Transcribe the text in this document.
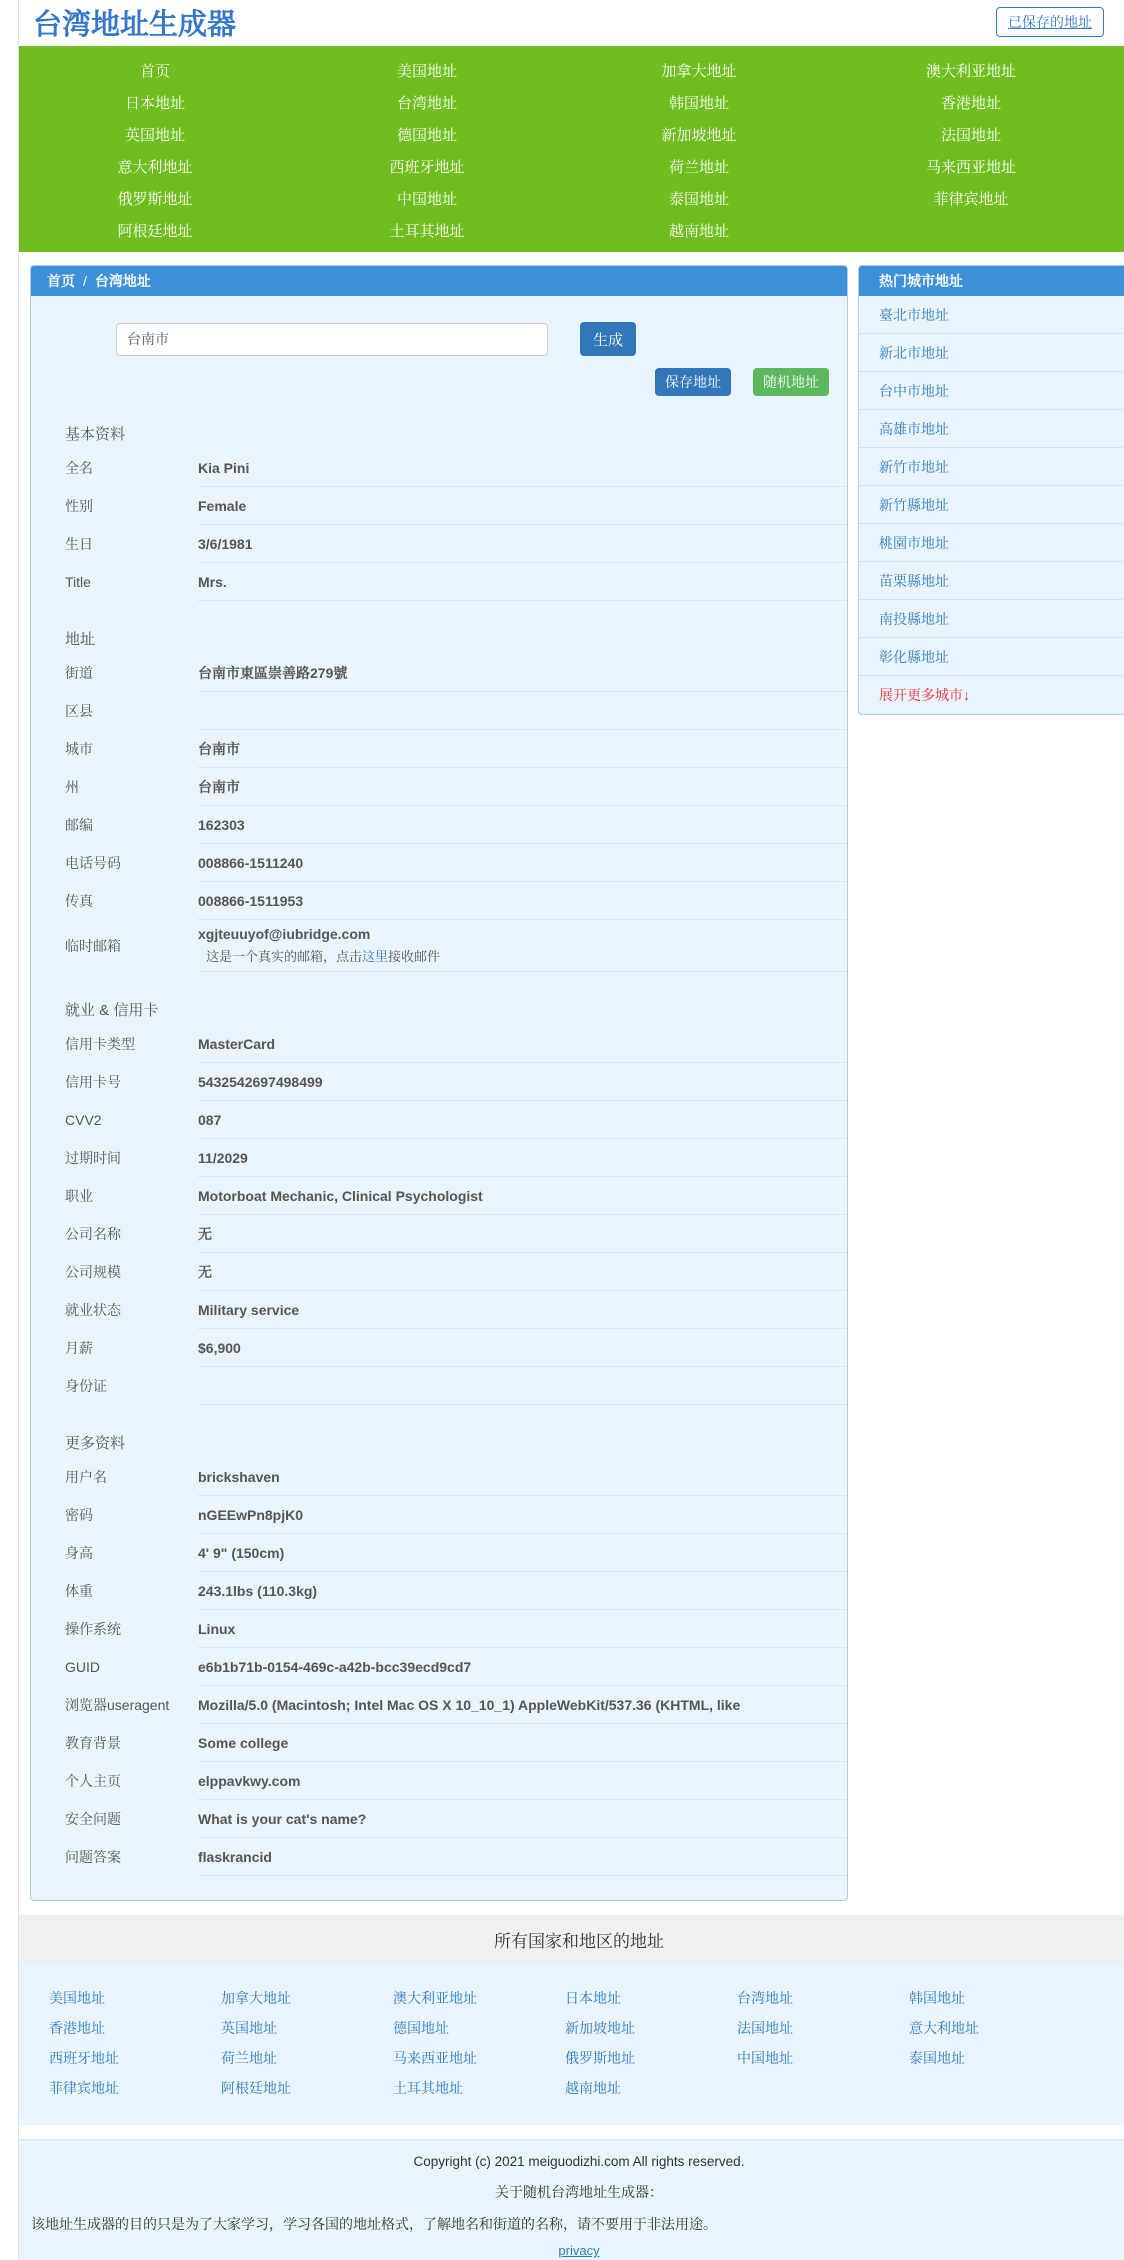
台湾地址生成器	已保存的地址
首页	美国地址	加拿大地址	澳大利亚地址
日本地址	台湾地址	韩国地址	香港地址
英国地址	德国地址	新加坡地址	法国地址
意大利地址	西班牙地址	荷兰地址	马来西亚地址
俄罗斯地址	中国地址	泰国地址	菲律宾地址
阿根廷地址	土耳其地址	越南地址
首页 / 台湾地址
台南市
生成
保存地址	随机地址
基本资料
全名	Kia Pini
性别	Female
生日	3/6/1981
Title	Mrs.
地址
街道	台南市東區崇善路279號
区县
城市	台南市
州	台南市
邮编	162303
电话号码	008866-1511240
传真	008866-1511953
临时邮箱
xgjteuuyof@iubridge.com
这是一个真实的邮箱，点击这里接收邮件
就业 & 信用卡
信用卡类型	MasterCard
信用卡号	5432542697498499
CVV2	087
过期时间	11/2029
职业	Motorboat Mechanic, Clinical Psychologist
公司名称	无
公司规模	无
就业状态	Military service
月薪	$6,900
身份证
更多资料
用户名	brickshaven
密码	nGEEwPn8pjK0
身高	4' 9" (150cm)
体重	243.1lbs (110.3kg)
操作系统	Linux
GUID	e6b1b71b-0154-469c-a42b-bcc39ecd9cd7
浏览器useragent	Mozilla/5.0 (Macintosh; Intel Mac OS X 10_10_1) AppleWebKit/537.36 (KHTML, like
教育背景	Some college
个人主页	elppavkwy.com
安全问题	What is your cat's name?
问题答案	flaskrancid
热门城市地址
臺北市地址
新北市地址
台中市地址
高雄市地址
新竹市地址
新竹縣地址
桃園市地址
苗栗縣地址
南投縣地址
彰化縣地址
展开更多城市↓
所有国家和地区的地址
美国地址	加拿大地址	澳大利亚地址	日本地址	台湾地址	韩国地址
香港地址	英国地址	德国地址	新加坡地址	法国地址	意大利地址
西班牙地址	荷兰地址	马来西亚地址	俄罗斯地址	中国地址	泰国地址
菲律宾地址	阿根廷地址	土耳其地址	越南地址
Copyright (c) 2021 meiguodizhi.com All rights reserved.
关于随机台湾地址生成器：
该地址生成器的目的只是为了大家学习，学习各国的地址格式，了解地名和街道的名称，请不要用于非法用途。
privacy
